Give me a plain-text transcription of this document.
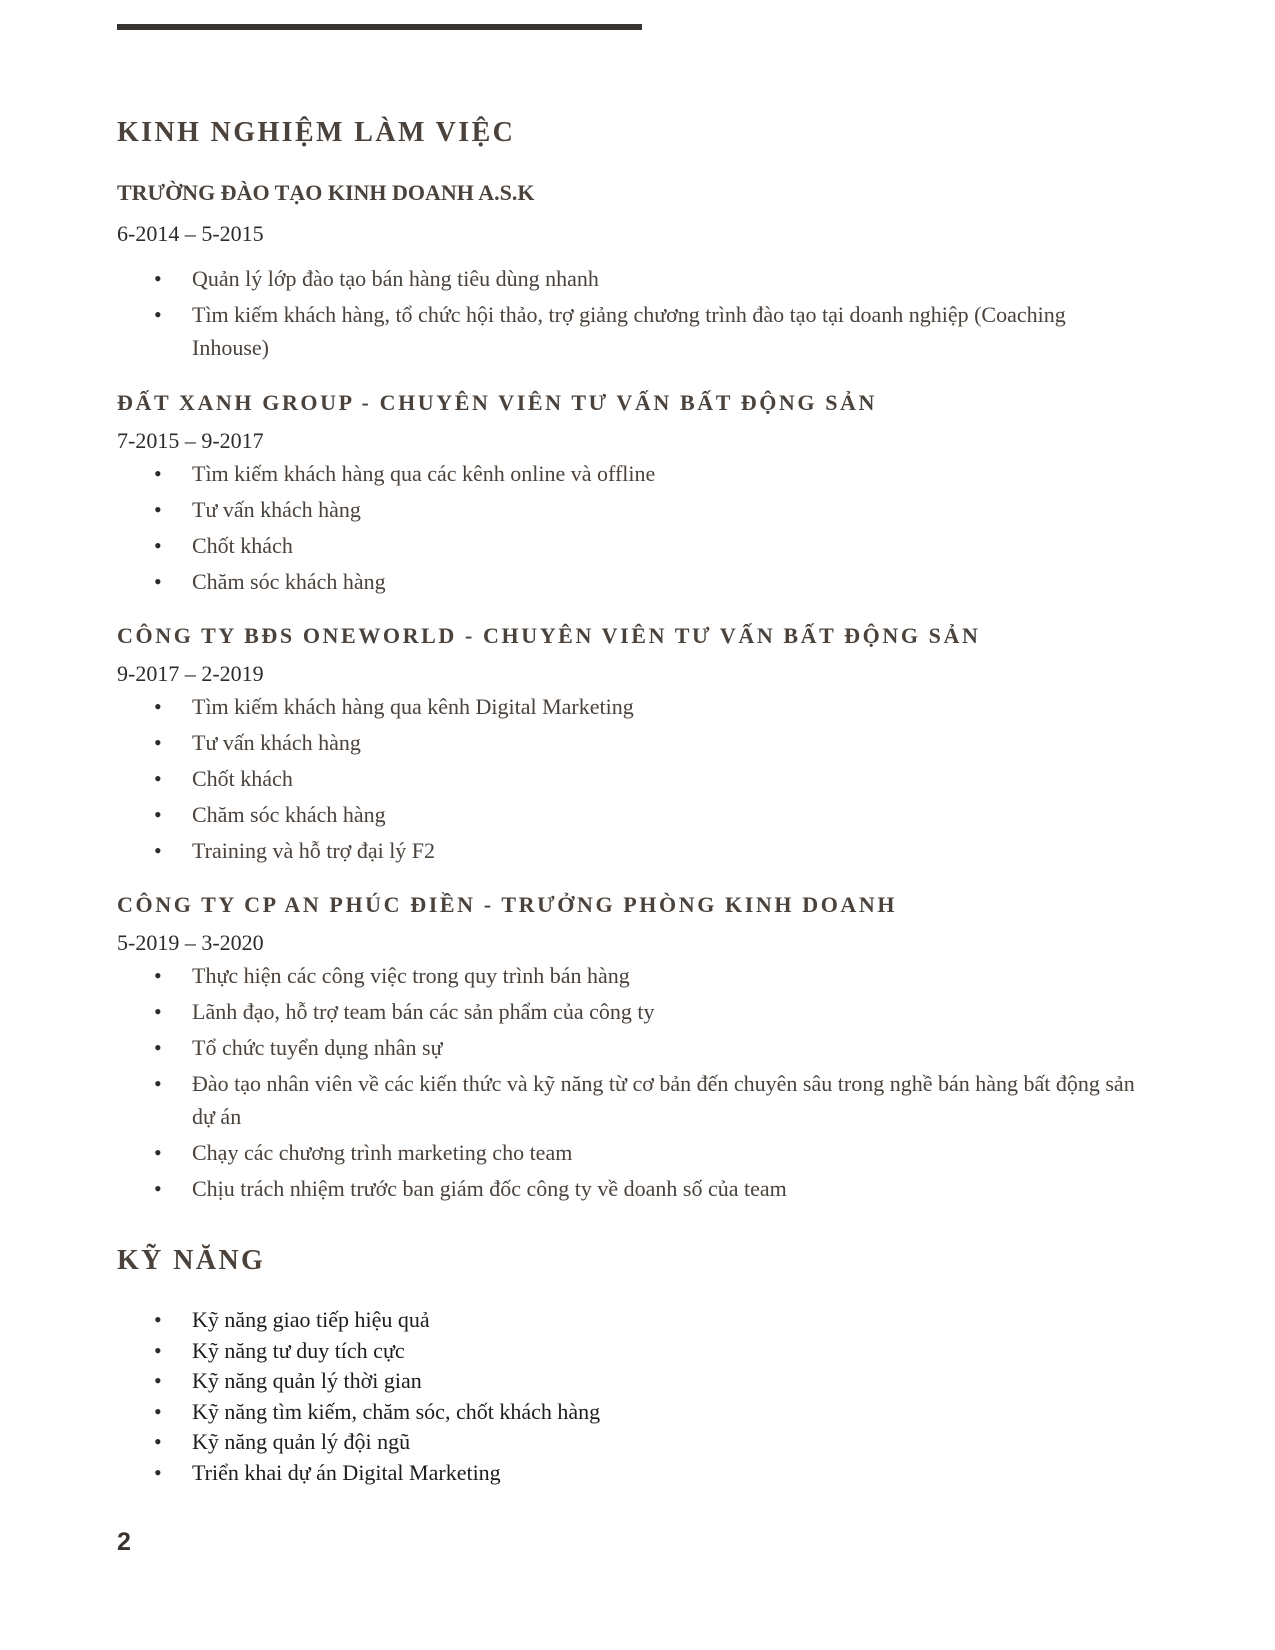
KINH NGHIỆM LÀM VIỆC
TRƯỜNG ĐÀO TẠO KINH DOANH A.S.K
6-2014 – 5-2015
• Quản lý lớp đào tạo bán hàng tiêu dùng nhanh
• Tìm kiếm khách hàng, tổ chức hội thảo, trợ giảng chương trình đào tạo tại doanh nghiệp (Coaching Inhouse)
ĐẤT XANH GROUP - CHUYÊN VIÊN TƯ VẤN BẤT ĐỘNG SẢN
7-2015 – 9-2017
• Tìm kiếm khách hàng qua các kênh online và offline
• Tư vấn khách hàng
• Chốt khách
• Chăm sóc khách hàng
CÔNG TY BĐS ONEWORLD - CHUYÊN VIÊN TƯ VẤN BẤT ĐỘNG SẢN
9-2017 – 2-2019
• Tìm kiếm khách hàng qua kênh Digital Marketing
• Tư vấn khách hàng
• Chốt khách
• Chăm sóc khách hàng
• Training và hỗ trợ đại lý F2
CÔNG TY CP AN PHÚC ĐIỀN - TRƯỞNG PHÒNG KINH DOANH
5-2019 – 3-2020
• Thực hiện các công việc trong quy trình bán hàng
• Lãnh đạo, hỗ trợ team bán các sản phẩm của công ty
• Tổ chức tuyển dụng nhân sự
• Đào tạo nhân viên về các kiến thức và kỹ năng từ cơ bản đến chuyên sâu trong nghề bán hàng bất động sản dự án
• Chạy các chương trình marketing cho team
• Chịu trách nhiệm trước ban giám đốc công ty về doanh số của team
KỸ NĂNG
• Kỹ năng giao tiếp hiệu quả
• Kỹ năng tư duy tích cực
• Kỹ năng quản lý thời gian
• Kỹ năng tìm kiếm, chăm sóc, chốt khách hàng
• Kỹ năng quản lý đội ngũ
• Triển khai dự án Digital Marketing
2
